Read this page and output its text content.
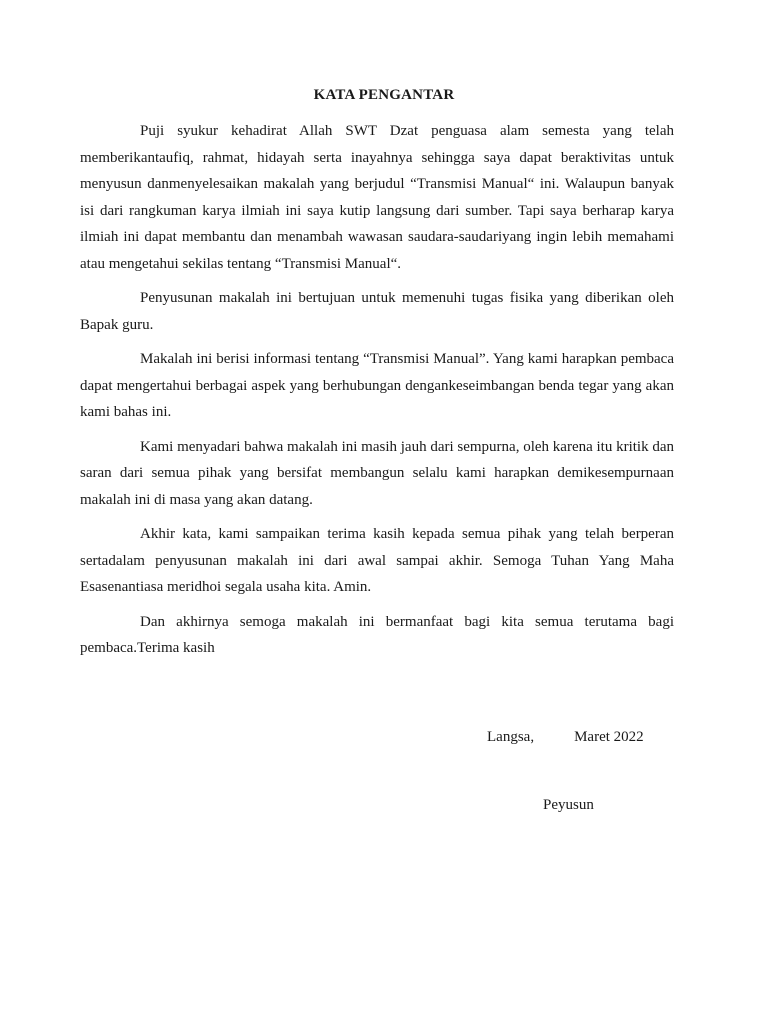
KATA PENGANTAR

Puji syukur kehadirat Allah SWT Dzat penguasa alam semesta yang telah memberikantaufiq, rahmat, hidayah serta inayahnya sehingga saya dapat beraktivitas untuk menyusun danmenyelesaikan makalah yang berjudul “Transmisi Manual“ ini. Walaupun banyak isi dari rangkuman karya ilmiah ini saya kutip langsung dari sumber. Tapi saya berharap karya ilmiah ini dapat membantu dan menambah wawasan saudara-saudariyang ingin lebih memahami atau mengetahui sekilas tentang “Transmisi Manual“.

Penyusunan makalah ini bertujuan untuk memenuhi tugas fisika yang diberikan oleh Bapak guru.

Makalah ini berisi informasi tentang “Transmisi Manual”. Yang kami harapkan pembaca dapat mengertahui berbagai aspek yang berhubungan dengankeseimbangan benda tegar yang akan kami bahas ini.

Kami menyadari bahwa makalah ini masih jauh dari sempurna, oleh karena itu kritik dan saran dari semua pihak yang bersifat membangun selalu kami harapkan demikesempurnaan makalah ini di masa yang akan datang.

Akhir kata, kami sampaikan terima kasih kepada semua pihak yang telah berperan sertadalam penyusunan makalah ini dari awal sampai akhir. Semoga Tuhan Yang Maha Esasenantiasa meridhoi segala usaha kita. Amin.

Dan akhirnya semoga makalah ini bermanfaat bagi kita semua terutama bagi pembaca.Terima kasih

Langsa,	Maret 2022
Peyusun
